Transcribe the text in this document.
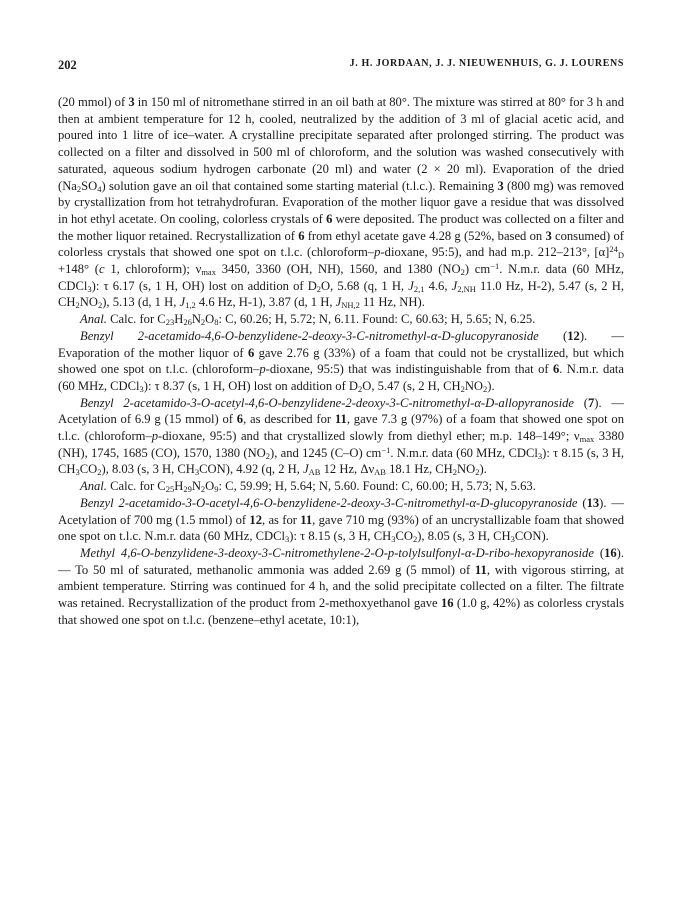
202	J. H. JORDAAN, J. J. NIEUWENHUIS, G. J. LOURENS

(20 mmol) of 3 in 150 ml of nitromethane stirred in an oil bath at 80°. The mixture was stirred at 80° for 3 h and then at ambient temperature for 12 h, cooled, neutralized by the addition of 3 ml of glacial acetic acid, and poured into 1 litre of ice–water. A crystalline precipitate separated after prolonged stirring. The product was collected on a filter and dissolved in 500 ml of chloroform, and the solution was washed consecutively with saturated, aqueous sodium hydrogen carbonate (20 ml) and water (2 × 20 ml). Evaporation of the dried $(Na_2SO_4)$ solution gave an oil that contained some starting material (t.l.c.). Remaining 3 (800 mg) was removed by crystallization from hot tetrahydrofuran. Evaporation of the mother liquor gave a residue that was dissolved in hot ethyl acetate. On cooling, colorless crystals of 6 were deposited. The product was collected on a filter and the mother liquor retained. Recrystallization of 6 from ethyl acetate gave 4.28 g (52%, based on 3 consumed) of colorless crystals that showed one spot on t.l.c. (chloroform–p-dioxane, 95:5), and had m.p. 212–213°, $[\alpha]^{24}_D +148^\circ$ (c 1, chloroform); $\nu_{max}$ 3450, 3360 (OH, NH), 1560, and 1380 $(NO_2)$ $cm^{-1}$. N.m.r. data (60 MHz, CDCl$_3$): τ 6.17 (s, 1 H, OH) lost on addition of $D_2O$, 5.68 (q, 1 H, $J_{2,1}$ 4.6, $J_{2,NH}$ 11.0 Hz, H-2), 5.47 (s, 2 H, $CH_2NO_2$), 5.13 (d, 1 H, $J_{1,2}$ 4.6 Hz, H-1), 3.87 (d, 1 H, $J_{NH,2}$ 11 Hz, NH).

Anal. Calc. for $C_{23}H_{26}N_2O_8$: C, 60.26; H, 5.72; N, 6.11. Found: C, 60.63; H, 5.65; N, 6.25.

Benzyl 2-acetamido-4,6-O-benzylidene-2-deoxy-3-C-nitromethyl-α-D-glucopyranoside (12). — Evaporation of the mother liquor of 6 gave 2.76 g (33%) of a foam that could not be crystallized, but which showed one spot on t.l.c. (chloroform–p-dioxane, 95:5) that was indistinguishable from that of 6. N.m.r. data (60 MHz, CDCl$_3$): τ 8.37 (s, 1 H, OH) lost on addition of $D_2O$, 5.47 (s, 2 H, $CH_2NO_2$).

Benzyl 2-acetamido-3-O-acetyl-4,6-O-benzylidene-2-deoxy-3-C-nitromethyl-α-D-allopyranoside (7). — Acetylation of 6.9 g (15 mmol) of 6, as described for 11, gave 7.3 g (97%) of a foam that showed one spot on t.l.c. (chloroform–p-dioxane, 95:5) and that crystallized slowly from diethyl ether; m.p. 148–149°; $\nu_{max}$ 3380 (NH), 1745, 1685 (CO), 1570, 1380 $(NO_2)$, and 1245 (C–O) $cm^{-1}$. N.m.r. data (60 MHz, CDCl$_3$): τ 8.15 (s, 3 H, $CH_3CO_2$), 8.03 (s, 3 H, $CH_3CON$), 4.92 (q, 2 H, $J_{AB}$ 12 Hz, $\Delta\nu_{AB}$ 18.1 Hz, $CH_2NO_2$).

Anal. Calc. for $C_{25}H_{29}N_2O_9$: C, 59.99; H, 5.64; N, 5.60. Found: C, 60.00; H, 5.73; N, 5.63.

Benzyl 2-acetamido-3-O-acetyl-4,6-O-benzylidene-2-deoxy-3-C-nitromethyl-α-D-glucopyranoside (13). — Acetylation of 700 mg (1.5 mmol) of 12, as for 11, gave 710 mg (93%) of an uncrystallizable foam that showed one spot on t.l.c. N.m.r. data (60 MHz, CDCl$_3$): τ 8.15 (s, 3 H, $CH_3CO_2$), 8.05 (s, 3 H, $CH_3CON$).

Methyl 4,6-O-benzylidene-3-deoxy-3-C-nitromethylene-2-O-p-tolylsulfonyl-α-D-ribo-hexopyranoside (16). — To 50 ml of saturated, methanolic ammonia was added 2.69 g (5 mmol) of 11, with vigorous stirring, at ambient temperature. Stirring was continued for 4 h, and the solid precipitate collected on a filter. The filtrate was retained. Recrystallization of the product from 2-methoxyethanol gave 16 (1.0 g, 42%) as colorless crystals that showed one spot on t.l.c. (benzene–ethyl acetate, 10:1),
